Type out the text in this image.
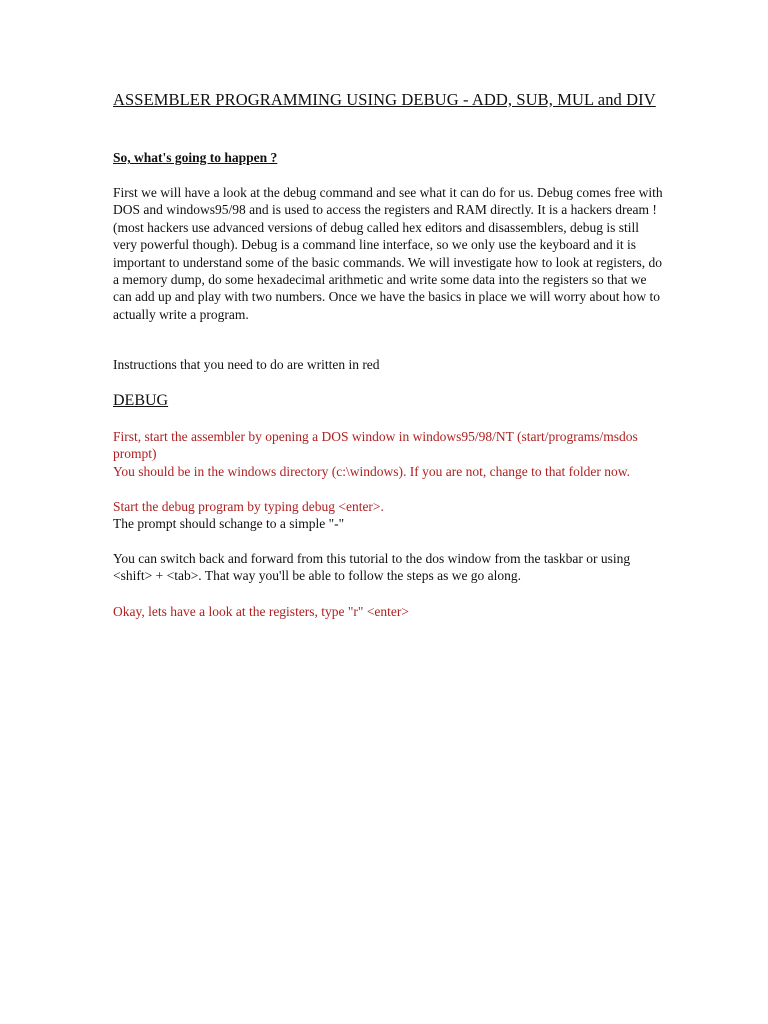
ASSEMBLER PROGRAMMING USING DEBUG - ADD, SUB, MUL and DIV

So, what's going to happen ?

First we will have a look at the debug command and see what it can do for us. Debug comes free with DOS and windows95/98 and is used to access the registers and RAM directly. It is a hackers dream ! (most hackers use advanced versions of debug called hex editors and disassemblers, debug is still very powerful though). Debug is a command line interface, so we only use the keyboard and it is important to understand some of the basic commands. We will investigate how to look at registers, do a memory dump, do some hexadecimal arithmetic and write some data into the registers so that we can add up and play with two numbers. Once we have the basics in place we will worry about how to actually write a program.

Instructions that you need to do are written in red

DEBUG

First, start the assembler by opening a DOS window in windows95/98/NT (start/programs/msdos prompt)

You should be in the windows directory (c:\windows). If you are not, change to that folder now.

Start the debug program by typing debug <enter>.

The prompt should schange to a simple "-"

You can switch back and forward from this tutorial to the dos window from the taskbar or using <shift> + <tab>. That way you'll be able to follow the steps as we go along.

Okay, lets have a look at the registers, type "r" <enter>
